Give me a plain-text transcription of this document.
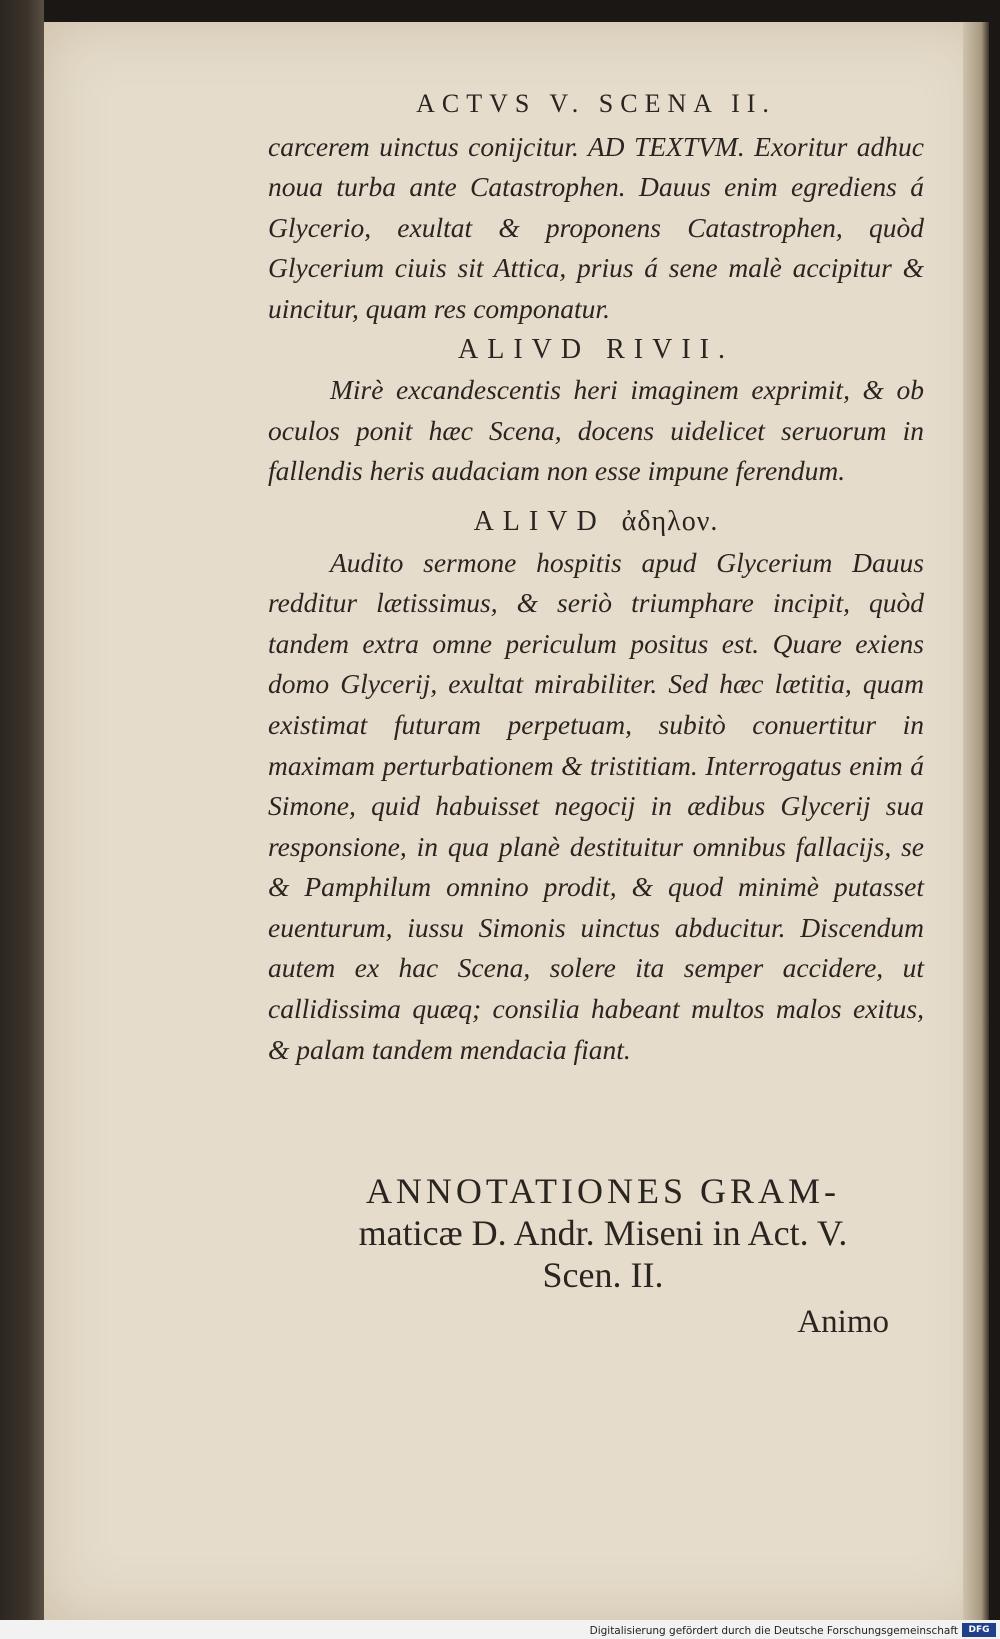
ACTVS V. SCENA II.

carcerem uinctus conijcitur. AD TEXTVM. Exoritur adhuc noua turba ante Catastrophen. Dauus enim egrediens á Glycerio, exultat & proponens Catastrophen, quòd Glycerium ciuis sit Attica, prius á sene malè accipitur & uincitur, quam res componatur.

ALIVD RIVII.

Mirè excandescentis heri imaginem exprimit, & ob oculos ponit hæc Scena, docens uidelicet seruorum in fallendis heris audaciam non esse impune ferendum.

ALIVD ἀδηλον.

Audito sermone hospitis apud Glycerium Dauus redditur lætissimus, & seriò triumphare incipit, quòd tandem extra omne periculum positus est. Quare exiens domo Glycerij, exultat mirabiliter. Sed hæc lætitia, quam existimat futuram perpetuam, subitò conuertitur in maximam perturbationem & tristitiam. Interrogatus enim á Simone, quid habuisset negocij in ædibus Glycerij sua responsione, in qua planè destituitur omnibus fallacijs, se & Pamphilum omnino prodit, & quod minimè putasset euenturum, iussu Simonis uinctus abducitur. Discendum autem ex hac Scena, solere ita semper accidere, ut callidissima quæq; consilia habeant multos malos exitus, & palam tandem mendacia fiant.

ANNOTATIONES GRAM-
maticæ D. Andr. Miseni in Act. V.
Scen. II.
Animo
Digitalisierung gefördert durch die Deutsche Forschungsgemeinschaft	DFG
